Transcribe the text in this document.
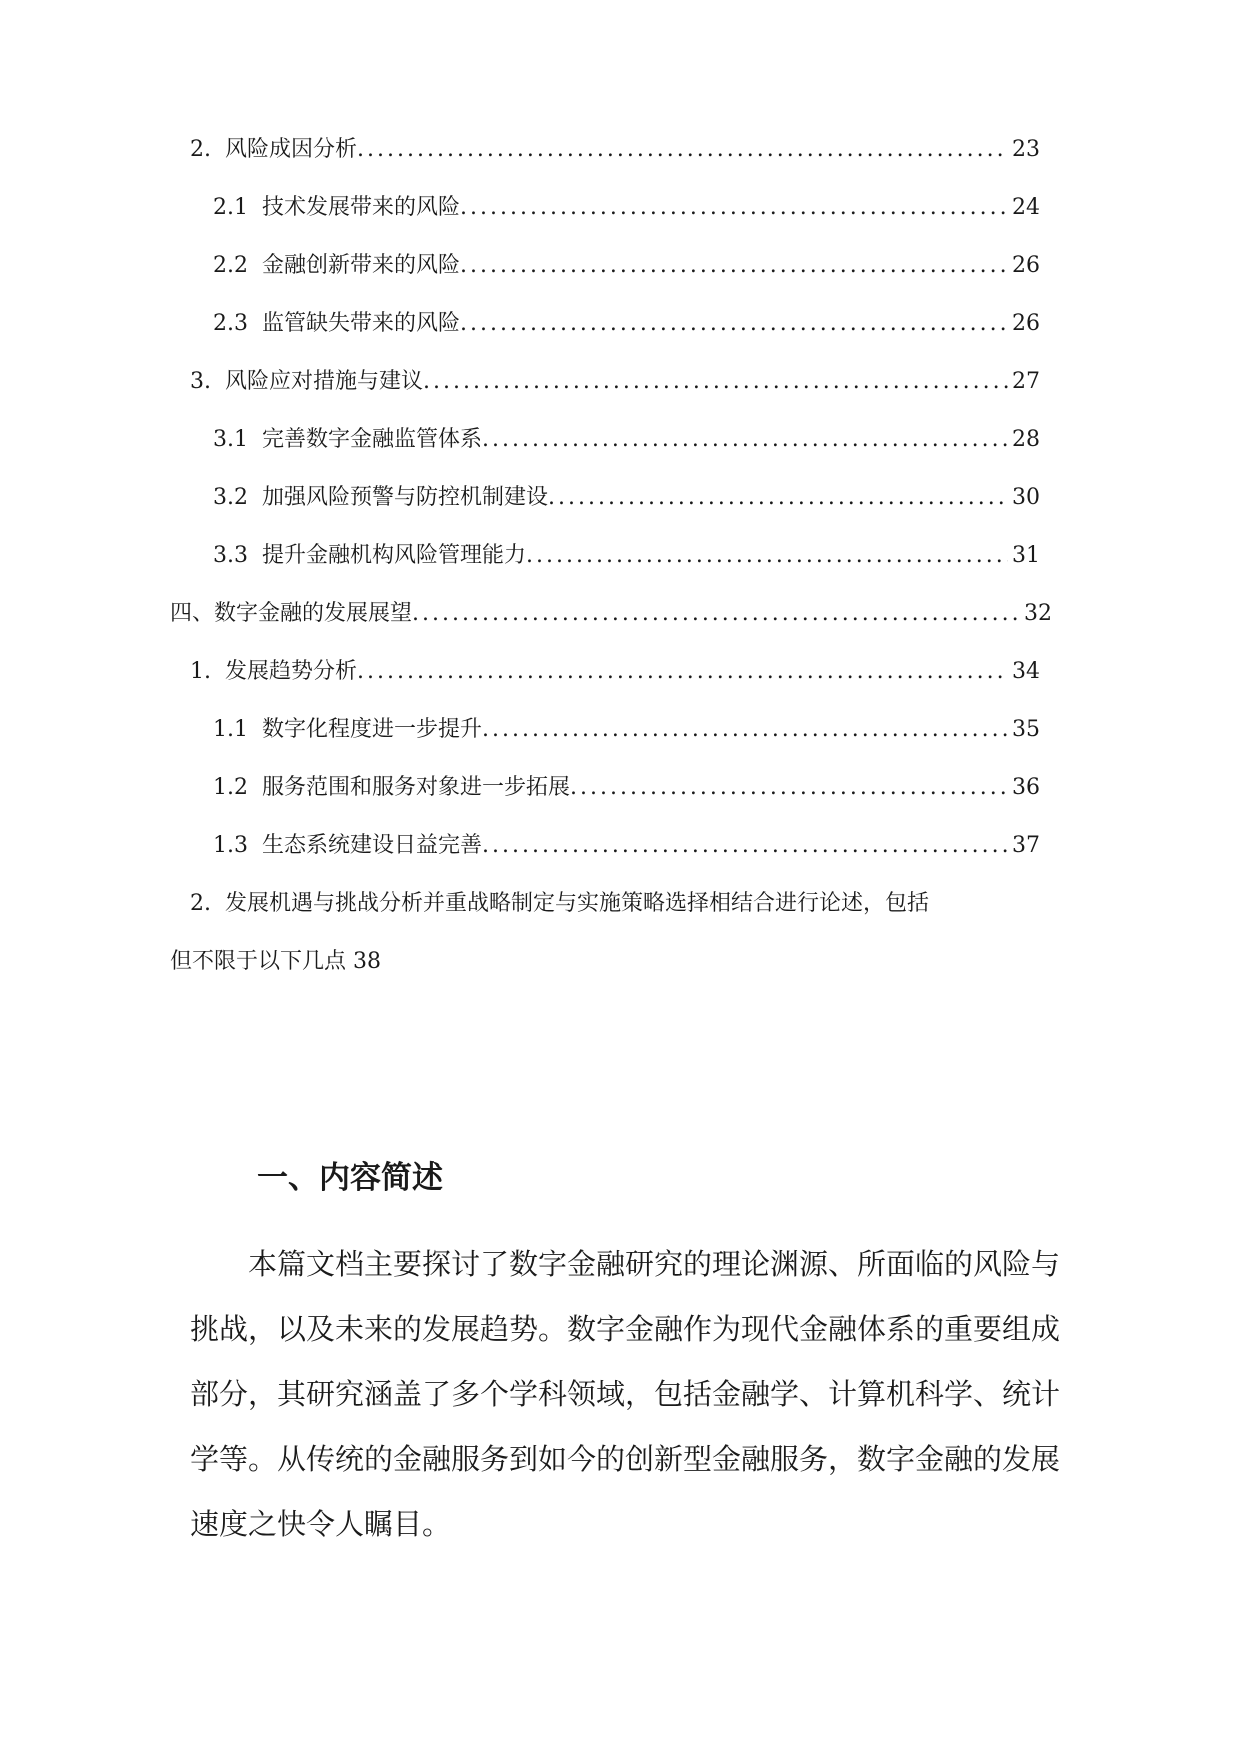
2. 风险成因分析 .....	23
2.1 技术发展带来的风险 .....	24
2.2 金融创新带来的风险 .....	26
2.3 监管缺失带来的风险 .....	26
3. 风险应对措施与建议 .....	27
3.1 完善数字金融监管体系 .....	28
3.2 加强风险预警与防控机制建设 .....	30
3.3 提升金融机构风险管理能力 .....	31
四、数字金融的发展展望 .....	32
1. 发展趋势分析 .....	34
1.1 数字化程度进一步提升 .....	35
1.2 服务范围和服务对象进一步拓展 .....	36
1.3 生态系统建设日益完善 .....	37
2. 发展机遇与挑战分析并重战略制定与实施策略选择相结合进行论述，包括
但不限于以下几点 38
一、内容简述
本篇文档主要探讨了数字金融研究的理论渊源、所面临的风险与
挑战，以及未来的发展趋势。数字金融作为现代金融体系的重要组成
部分，其研究涵盖了多个学科领域，包括金融学、计算机科学、统计
学等。从传统的金融服务到如今的创新型金融服务，数字金融的发展
速度之快令人瞩目。
